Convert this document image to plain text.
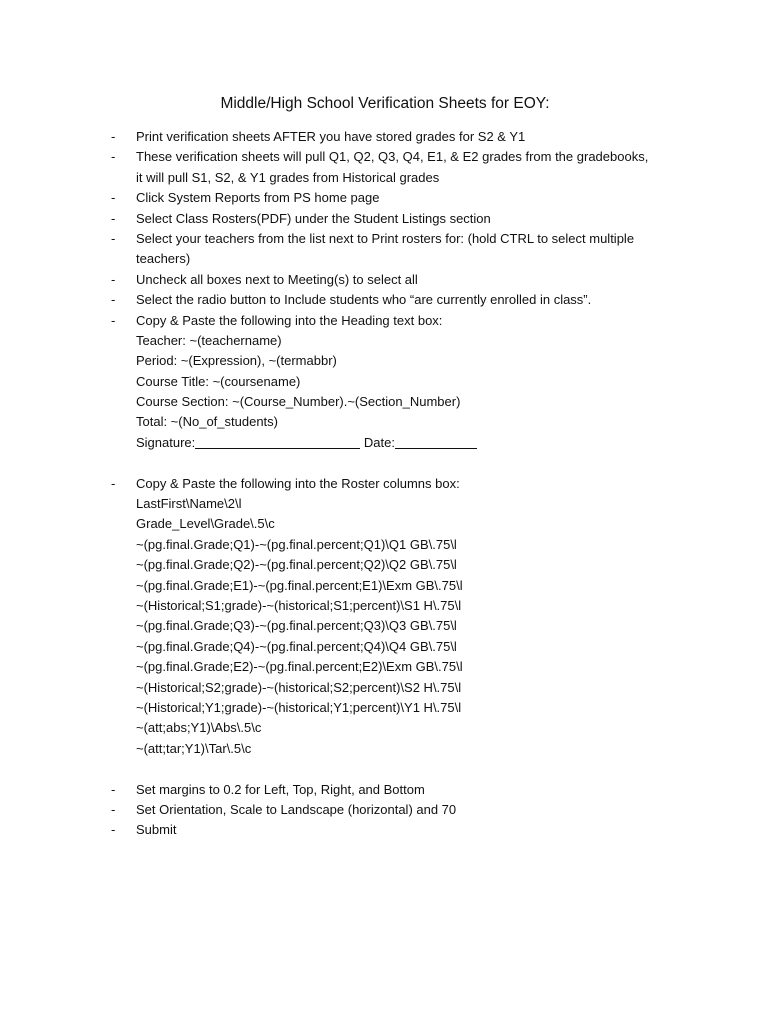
Middle/High School Verification Sheets for EOY:
- Print verification sheets AFTER you have stored grades for S2 & Y1
- These verification sheets will pull Q1, Q2, Q3, Q4, E1, & E2 grades from the gradebooks,
it will pull S1, S2, & Y1 grades from Historical grades
- Click System Reports from PS home page
- Select Class Rosters(PDF) under the Student Listings section
- Select your teachers from the list next to Print rosters for: (hold CTRL to select multiple
teachers)
- Uncheck all boxes next to Meeting(s) to select all
- Select the radio button to Include students who “are currently enrolled in class”.
- Copy & Paste the following into the Heading text box:
Teacher: ~(teachername)
Period: ~(Expression), ~(termabbr)
Course Title: ~(coursename)
Course Section: ~(Course_Number).~(Section_Number)
Total: ~(No_of_students)
Signature:	Date:
- Copy & Paste the following into the Roster columns box:
LastFirst\Name\2\l
Grade_Level\Grade\.5\c
~(pg.final.Grade;Q1)-~(pg.final.percent;Q1)\Q1 GB\.75\l
~(pg.final.Grade;Q2)-~(pg.final.percent;Q2)\Q2 GB\.75\l
~(pg.final.Grade;E1)-~(pg.final.percent;E1)\Exm GB\.75\l
~(Historical;S1;grade)-~(historical;S1;percent)\S1 H\.75\l
~(pg.final.Grade;Q3)-~(pg.final.percent;Q3)\Q3 GB\.75\l
~(pg.final.Grade;Q4)-~(pg.final.percent;Q4)\Q4 GB\.75\l
~(pg.final.Grade;E2)-~(pg.final.percent;E2)\Exm GB\.75\l
~(Historical;S2;grade)-~(historical;S2;percent)\S2 H\.75\l
~(Historical;Y1;grade)-~(historical;Y1;percent)\Y1 H\.75\l
~(att;abs;Y1)\Abs\.5\c
~(att;tar;Y1)\Tar\.5\c
- Set margins to 0.2 for Left, Top, Right, and Bottom
- Set Orientation, Scale to Landscape (horizontal) and 70
- Submit
